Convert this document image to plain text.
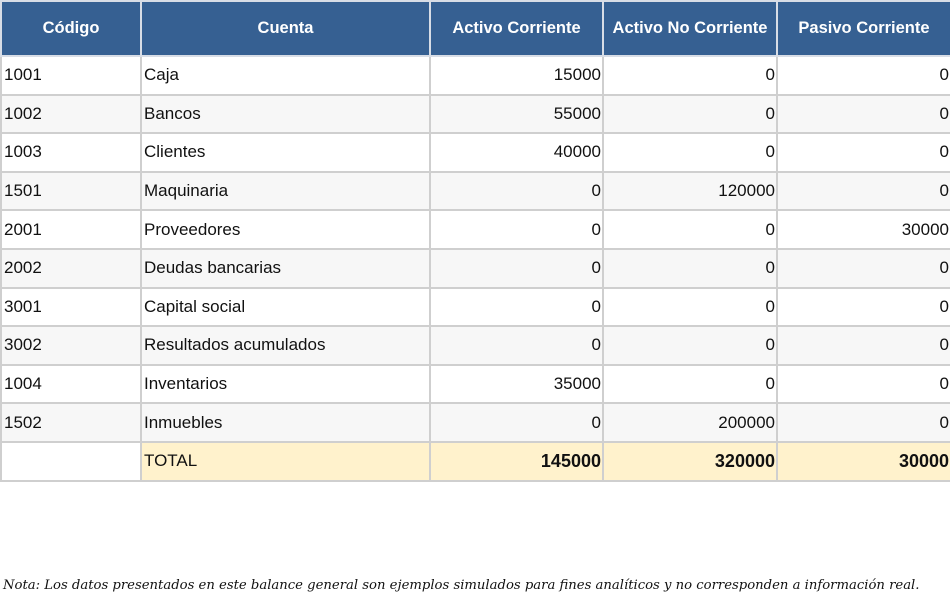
Código	Cuenta	Activo Corriente	Activo No Corriente	Pasivo Corriente

1001	Caja	15000	0	0
1002	Bancos	55000	0	0
1003	Clientes	40000	0	0
1501	Maquinaria	0	120000	0
2001	Proveedores	0	0	30000
2002	Deudas bancarias	0	0	0
3001	Capital social	0	0	0
3002	Resultados acumulados	0	0	0
1004	Inventarios	35000	0	0
1502	Inmuebles	0	200000	0
	TOTAL	145000	320000	30000
Nota: Los datos presentados en este balance general son ejemplos simulados para fines analíticos y no corresponden a información real.
